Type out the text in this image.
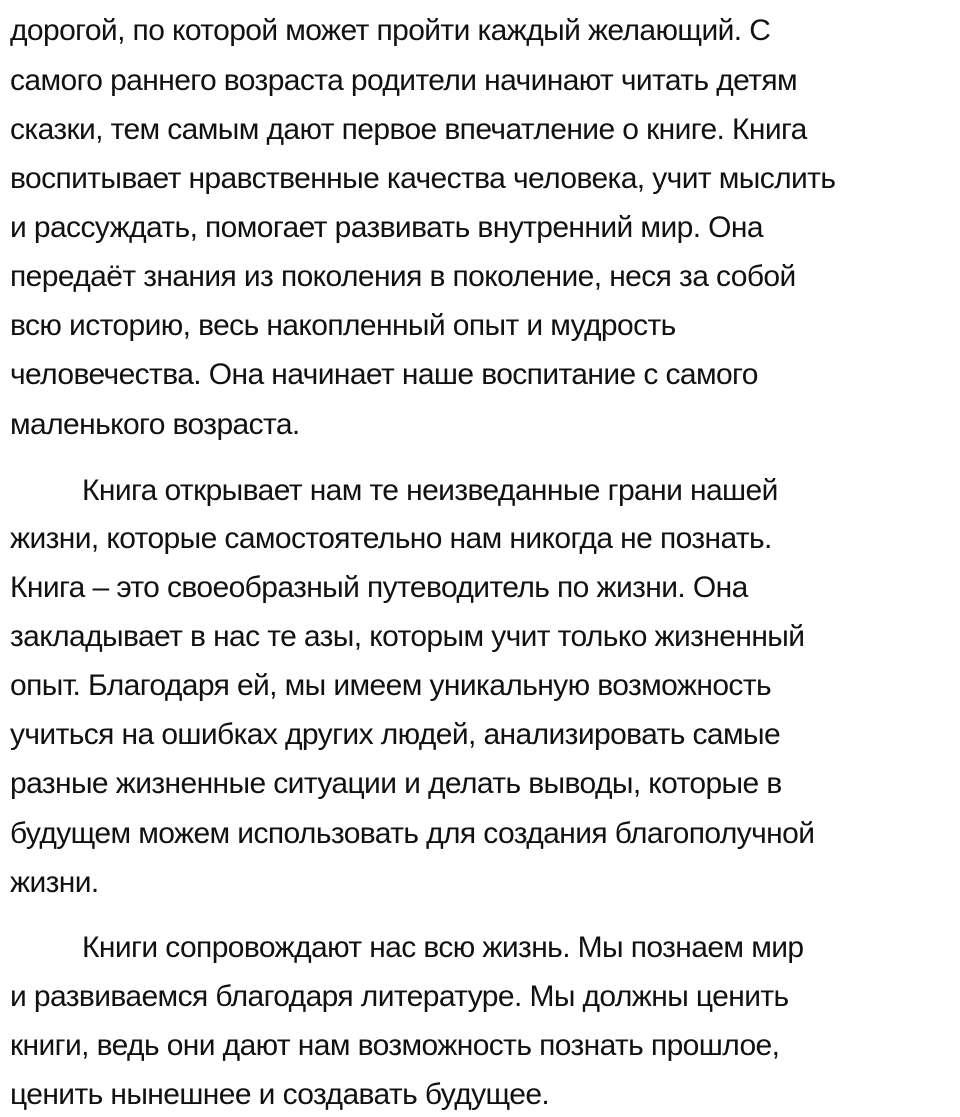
дорогой, по которой может пройти каждый желающий. С
самого раннего возраста родители начинают читать детям
сказки, тем самым дают первое впечатление о книге. Книга
воспитывает нравственные качества человека, учит мыслить
и рассуждать, помогает развивать внутренний мир. Она
передаёт знания из поколения в поколение, неся за собой
всю историю, весь накопленный опыт и мудрость
человечества. Она начинает наше воспитание с самого
маленького возраста.
Книга открывает нам те неизведанные грани нашей
жизни, которые самостоятельно нам никогда не познать.
Книга – это своеобразный путеводитель по жизни. Она
закладывает в нас те азы, которым учит только жизненный
опыт. Благодаря ей, мы имеем уникальную возможность
учиться на ошибках других людей, анализировать самые
разные жизненные ситуации и делать выводы, которые в
будущем можем использовать для создания благополучной
жизни.
Книги сопровождают нас всю жизнь. Мы познаем мир
и развиваемся благодаря литературе. Мы должны ценить
книги, ведь они дают нам возможность познать прошлое,
ценить нынешнее и создавать будущее.
